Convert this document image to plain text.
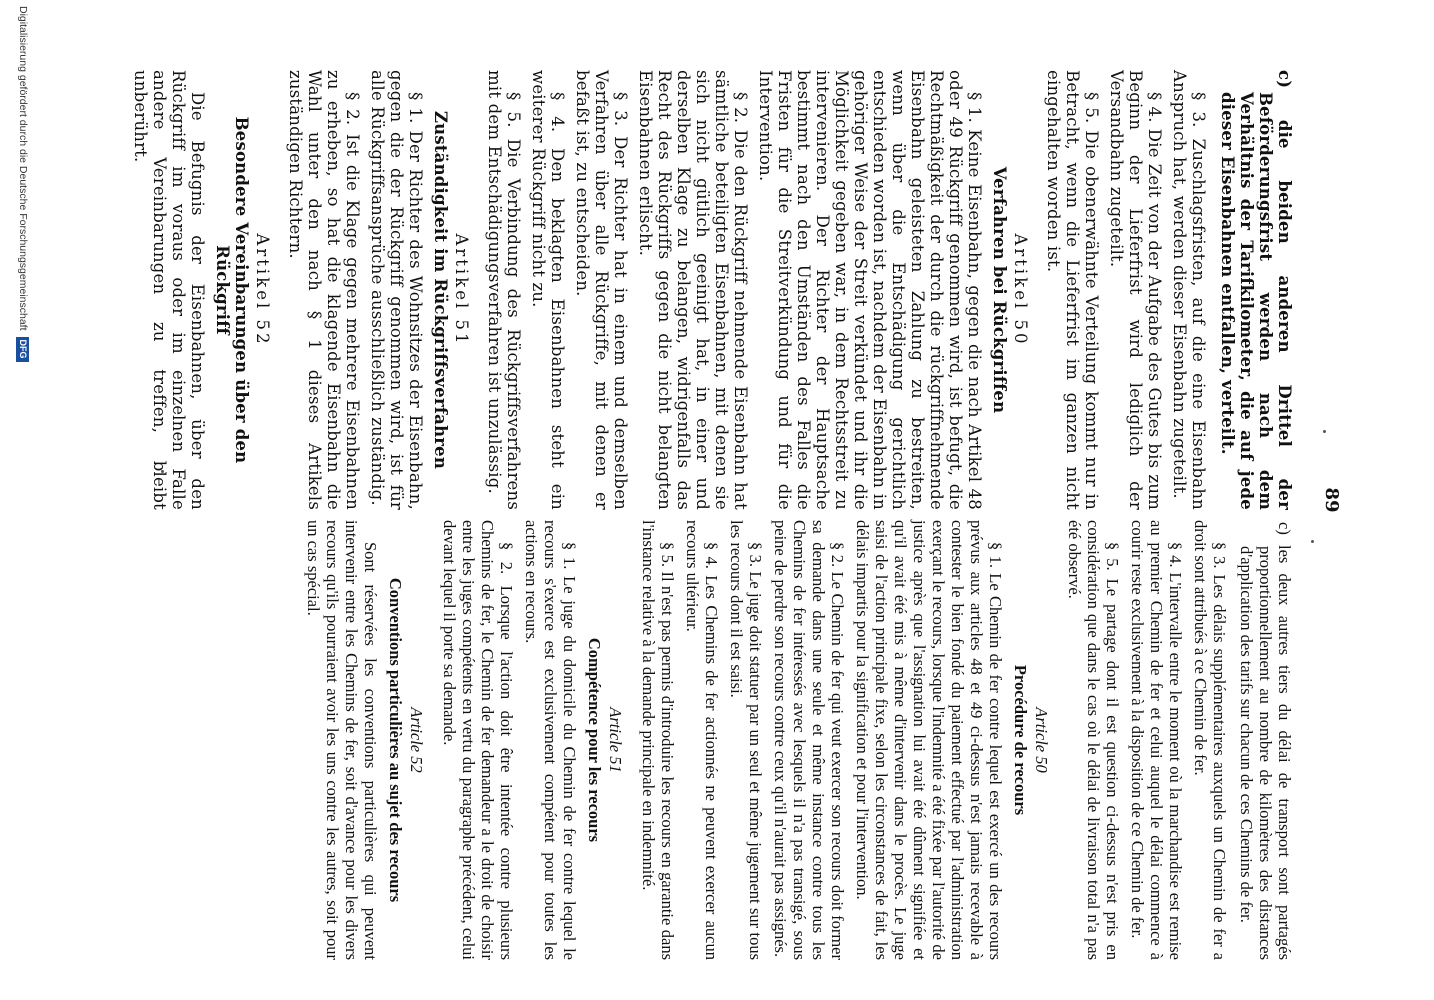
89
c) die beiden anderen Drittel der Beförderungsfrist werden nach dem Verhältnis der Tarifkilometer, die auf jede dieser Eisenbahnen entfallen, verteilt.
§ 3. Zuschlagsfristen, auf die eine Eisenbahn Anspruch hat, werden dieser Eisenbahn zugeteilt.
§ 4. Die Zeit von der Aufgabe des Gutes bis zum Beginn der Lieferfrist wird lediglich der Versandbahn zugeteilt.
§ 5. Die obenerwähnte Verteilung kommt nur in Betracht, wenn die Lieferfrist im ganzen nicht eingehalten worden ist.
Artikel 50
Verfahren bei Rückgriffen
§ 1. Keine Eisenbahn, gegen die nach Artikel 48 oder 49 Rückgriff genommen wird, ist befugt, die Rechtmäßigkeit der durch die rückgriffnehmende Eisenbahn geleisteten Zahlung zu bestreiten, wenn über die Entschädigung gerichtlich entschieden worden ist, nachdem der Eisenbahn in gehöriger Weise der Streit verkündet und ihr die Möglichkeit gegeben war, in dem Rechtsstreit zu intervenieren. Der Richter der Hauptsache bestimmt nach den Umständen des Falles die Fristen für die Streitverkündung und für die Intervention.
§ 2. Die den Rückgriff nehmende Eisenbahn hat sämtliche beteiligten Eisenbahnen, mit denen sie sich nicht gütlich geeinigt hat, in einer und derselben Klage zu belangen, widrigenfalls das Recht des Rückgriffs gegen die nicht belangten Eisenbahnen erlischt.
§ 3. Der Richter hat in einem und demselben Verfahren über alle Rückgriffe, mit denen er befaßt ist, zu entscheiden.
§ 4. Den beklagten Eisenbahnen steht ein weiterer Rückgriff nicht zu.
§ 5. Die Verbindung des Rückgriffsverfahrens mit dem Entschädigungsverfahren ist unzulässig.
Artikel 51
Zuständigkeit im Rückgriffsverfahren
§ 1. Der Richter des Wohnsitzes der Eisenbahn, gegen die der Rückgriff genommen wird, ist für alle Rückgriffsansprüche ausschließlich zuständig.
§ 2. Ist die Klage gegen mehrere Eisenbahnen zu erheben, so hat die klagende Eisenbahn die Wahl unter den nach § 1 dieses Artikels zuständigen Richtern.
Artikel 52
Besondere Vereinbarungen über den Rückgriff
Die Befugnis der Eisenbahnen, über den Rückgriff im voraus oder im einzelnen Falle andere Vereinbarungen zu treffen, bleibt unberührt.
c) les deux autres tiers du délai de transport sont partagés proportionnellement au nombre de kilomètres des distances d'application des tarifs sur chacun de ces Chemins de fer.
§ 3. Les délais supplémentaires auxquels un Chemin de fer a droit sont attribués à ce Chemin de fer.
§ 4. L'intervalle entre le moment où la marchandise est remise au premier Chemin de fer et celui auquel le délai commence à courir reste exclusivement à la disposition de ce Chemin de fer.
§ 5. Le partage dont il est question ci-dessus n'est pris en considération que dans le cas où le délai de livraison total n'a pas été observé.
Article 50
Procédure de recours
§ 1. Le Chemin de fer contre lequel est exercé un des recours prévus aux articles 48 et 49 ci-dessus n'est jamais recevable à contester le bien fondé du paiement effectué par l'administration exerçant le recours, lorsque l'indemnité a été fixée par l'autorité de justice après que l'assignation lui avait été dûment signifiée et qu'il avait été mis à même d'intervenir dans le procès. Le juge saisi de l'action principale fixe, selon les circonstances de fait, les délais impartis pour la signification et pour l'intervention.
§ 2. Le Chemin de fer qui veut exercer son recours doit former sa demande dans une seule et même instance contre tous les Chemins de fer intéressés avec lesquels il n'a pas transigé, sous peine de perdre son recours contre ceux qu'il n'aurait pas assignés.
§ 3. Le juge doit statuer par un seul et même jugement sur tous les recours dont il est saisi.
§ 4. Les Chemins de fer actionnés ne peuvent exercer aucun recours ultérieur.
§ 5. Il n'est pas permis d'introduire les recours en garantie dans l'instance relative à la demande principale en indemnité.
Article 51
Compétence pour les recours
§ 1. Le juge du domicile du Chemin de fer contre lequel le recours s'exerce est exclusivement compétent pour toutes les actions en recours.
§ 2. Lorsque l'action doit être intentée contre plusieurs Chemins de fer, le Chemin de fer demandeur a le droit de choisir entre les juges compétents en vertu du paragraphe précédent, celui devant lequel il porte sa demande.
Article 52
Conventions particulières au sujet des recours
Sont réservées les conventions particulières qui peuvent intervenir entre les Chemins de fer, soit d'avance pour les divers recours qu'ils pourraient avoir les uns contre les autres, soit pour un cas spécial.
Digitalisierung gefördert durch die Deutsche Forschungsgemeinschaft
DFG
